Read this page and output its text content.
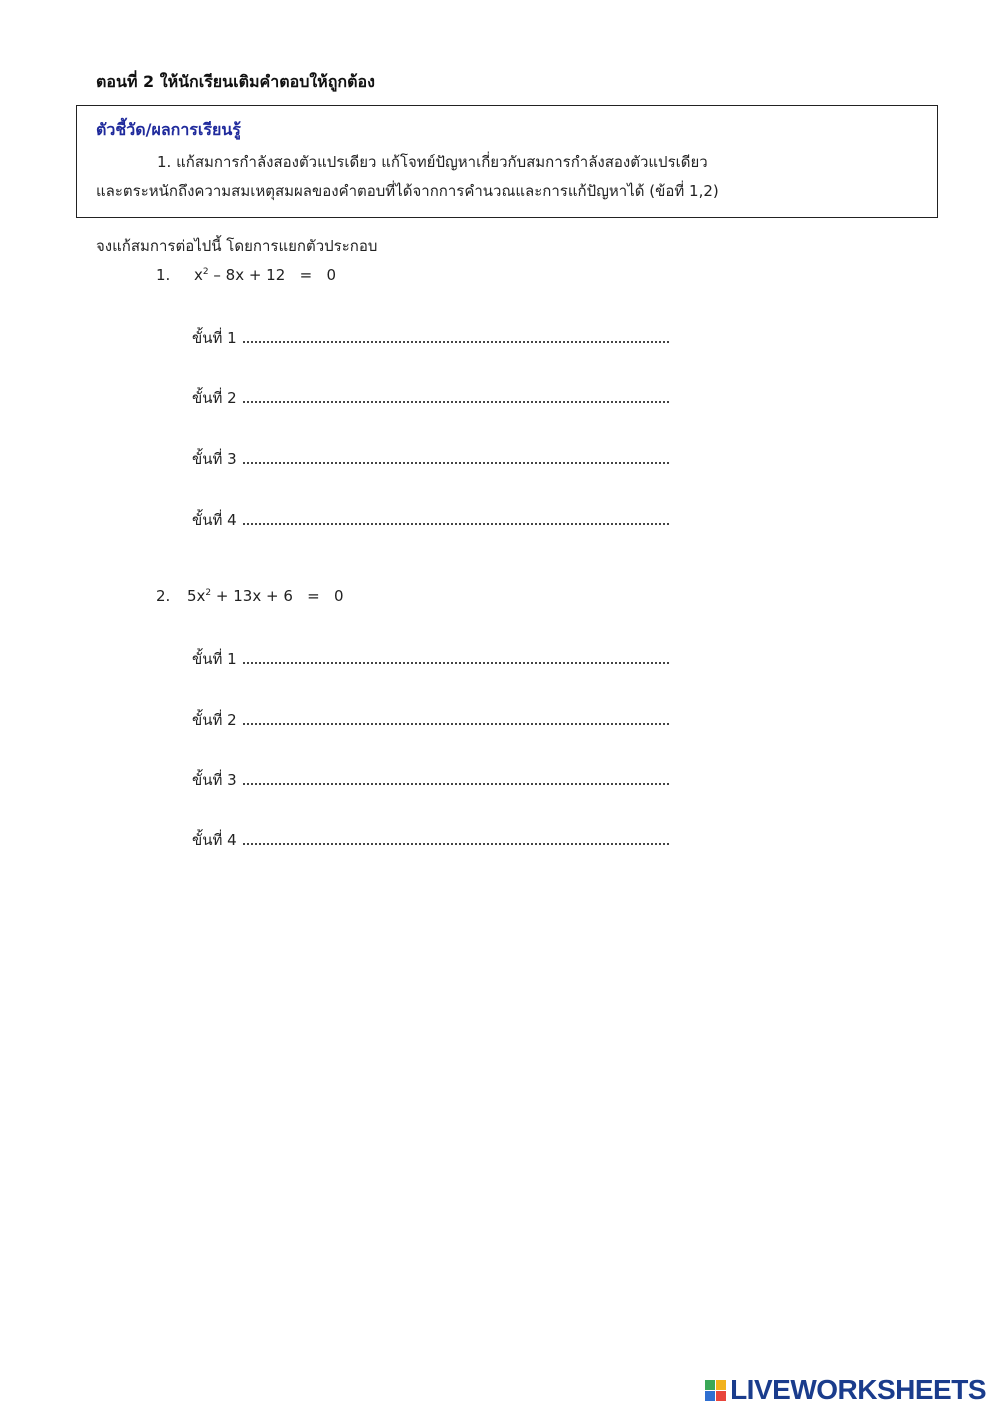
ตอนที่ 2 ให้นักเรียนเติมคำตอบให้ถูกต้อง
ตัวชี้วัด/ผลการเรียนรู้
1. แก้สมการกำลังสองตัวแปรเดียว แก้โจทย์ปัญหาเกี่ยวกับสมการกำลังสองตัวแปรเดียว
และตระหนักถึงความสมเหตุสมผลของคำตอบที่ได้จากการคำนวณและการแก้ปัญหาได้ (ข้อที่ 1,2)
จงแก้สมการต่อไปนี้ โดยการแยกตัวประกอบ
1. $x^2 - 8x + 12 = 0$
ขั้นที่ 1
ขั้นที่ 2
ขั้นที่ 3
ขั้นที่ 4
2. $5x^2 + 13x + 6 = 0$
ขั้นที่ 1
ขั้นที่ 2
ขั้นที่ 3
ขั้นที่ 4
LIVEWORKSHEETS
